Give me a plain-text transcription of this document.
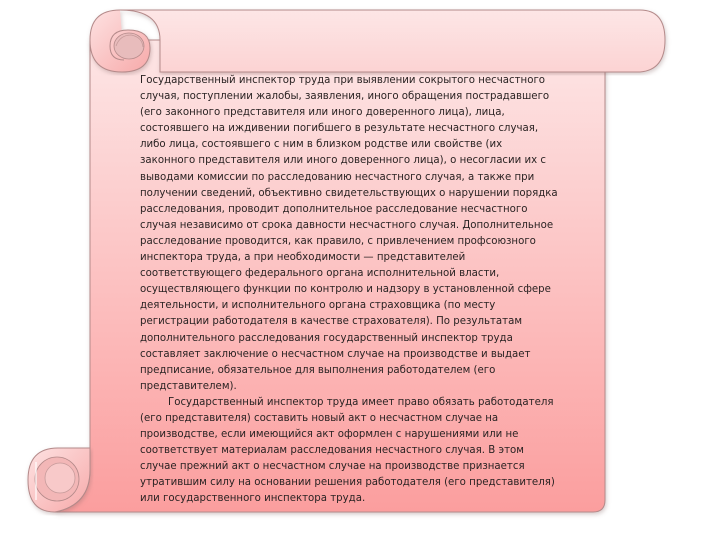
Государственный инспектор труда при выявлении сокрытого несчастного случая, поступлении жалобы, заявления, иного обращения пострадавшего (его законного представителя или иного доверенного лица), лица, состоявшего на иждивении погибшего в результате несчастного случая, либо лица, состоявшего с ним в близком родстве или свойстве (их законного представителя или иного доверенного лица), о несогласии их с выводами комиссии по расследованию несчастного случая, а также при получении сведений, объективно свидетельствующих о нарушении порядка расследования, проводит дополнительное расследование несчастного случая независимо от срока давности несчастного случая. Дополнительное расследование проводится, как правило, с привлечением профсоюзного инспектора труда, а при необходимости — представителей соответствующего федерального органа исполнительной власти, осуществляющего функции по контролю и надзору в установленной сфере деятельности, и исполнительного органа страховщика (по месту регистрации работодателя в качестве страхователя). По результатам дополнительного расследования государственный инспектор труда составляет заключение о несчастном случае на производстве и выдает предписание, обязательное для выполнения работодателем (его представителем).

Государственный инспектор труда имеет право обязать работодателя (его представителя) составить новый акт о несчастном случае на производстве, если имеющийся акт оформлен с нарушениями или не соответствует материалам расследования несчастного случая. В этом случае прежний акт о несчастном случае на производстве признается утратившим силу на основании решения работодателя (его представителя) или государственного инспектора труда.
